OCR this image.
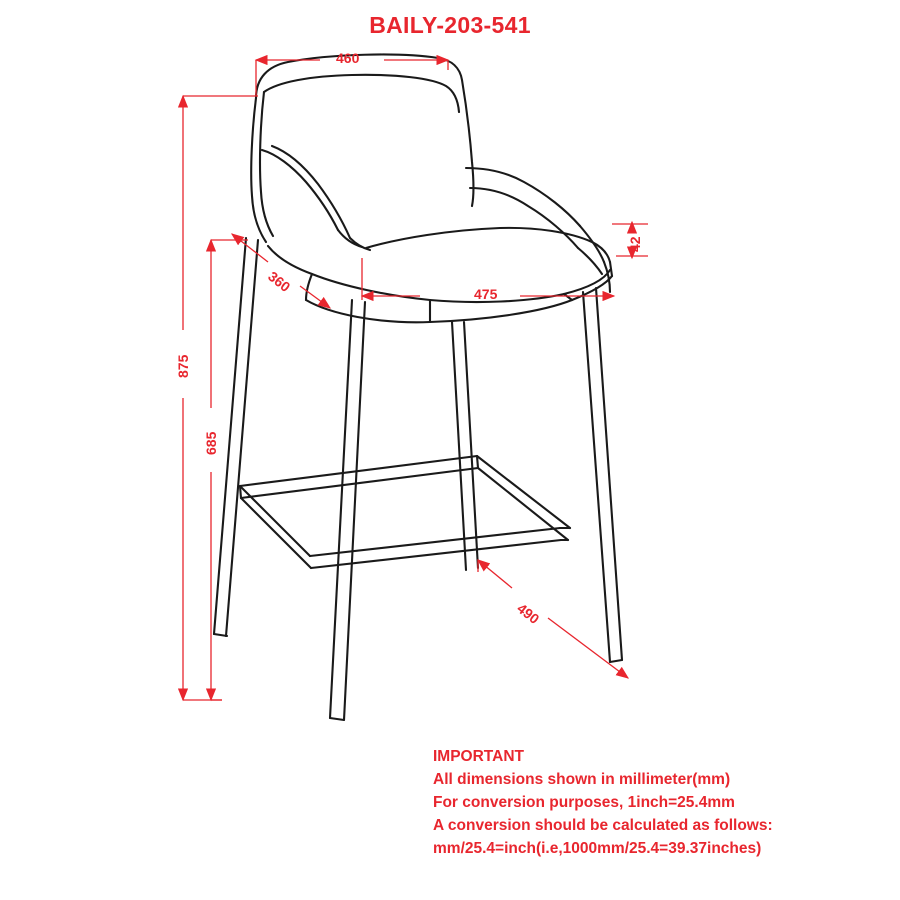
BAILY-203-541
460
875
685
360	475
42
490
IMPORTANT
All dimensions shown in millimeter(mm)
For conversion purposes, 1inch=25.4mm
A conversion should be calculated as follows:
mm/25.4=inch(i.e,1000mm/25.4=39.37inches)
